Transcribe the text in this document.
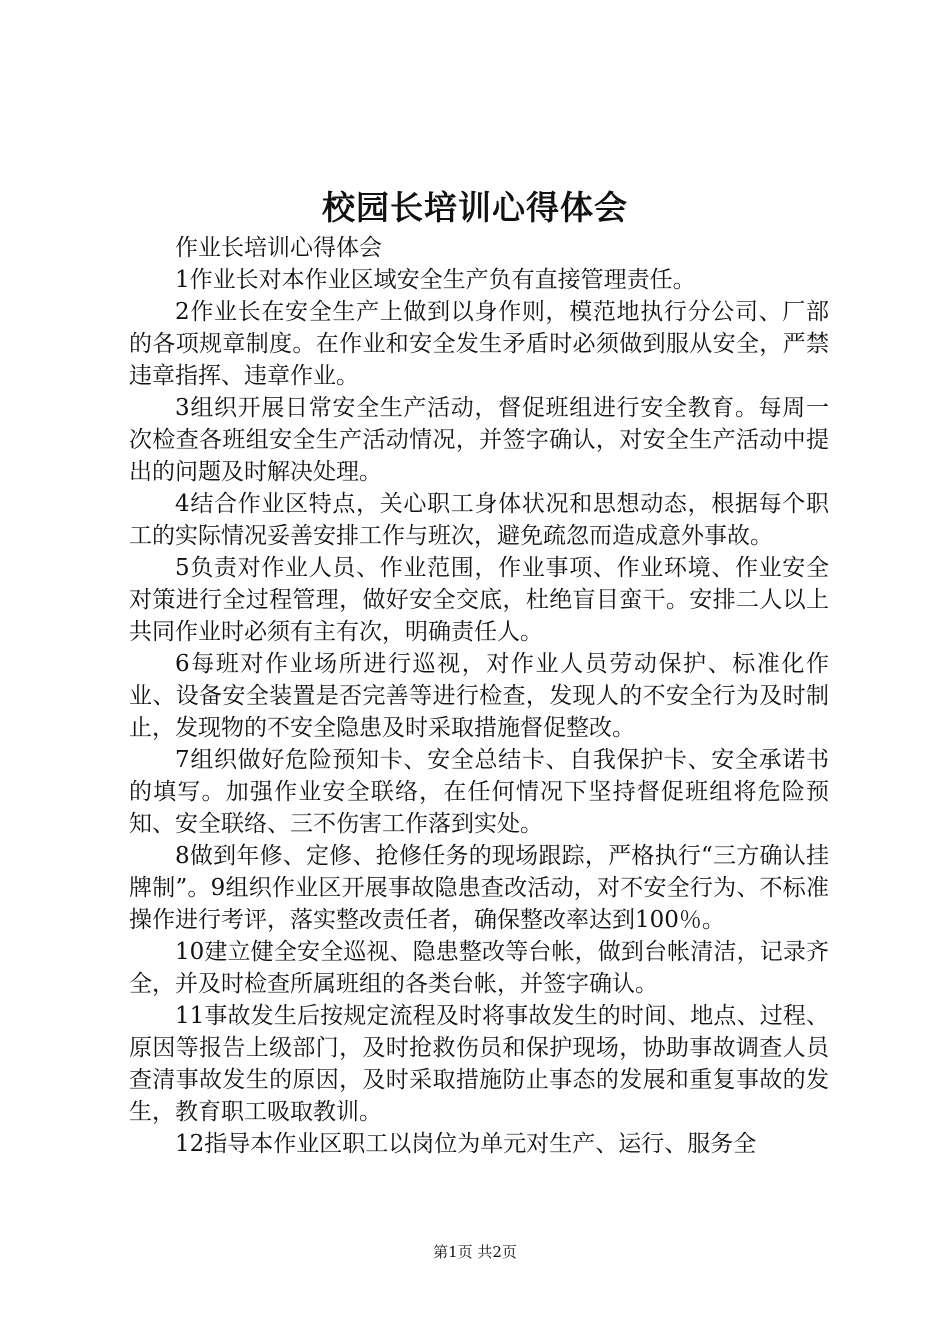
校园长培训心得体会

作业长培训心得体会

1作业长对本作业区域安全生产负有直接管理责任。

2作业长在安全生产上做到以身作则，模范地执行分公司、厂部的各项规章制度。在作业和安全发生矛盾时必须做到服从安全，严禁违章指挥、违章作业。

3组织开展日常安全生产活动，督促班组进行安全教育。每周一次检查各班组安全生产活动情况，并签字确认，对安全生产活动中提出的问题及时解决处理。

4结合作业区特点，关心职工身体状况和思想动态，根据每个职工的实际情况妥善安排工作与班次，避免疏忽而造成意外事故。

5负责对作业人员、作业范围，作业事项、作业环境、作业安全对策进行全过程管理，做好安全交底，杜绝盲目蛮干。安排二人以上共同作业时必须有主有次，明确责任人。

6每班对作业场所进行巡视，对作业人员劳动保护、标准化作业、设备安全装置是否完善等进行检查，发现人的不安全行为及时制止，发现物的不安全隐患及时采取措施督促整改。

7组织做好危险预知卡、安全总结卡、自我保护卡、安全承诺书的填写。加强作业安全联络，在任何情况下坚持督促班组将危险预知、安全联络、三不伤害工作落到实处。

8做到年修、定修、抢修任务的现场跟踪，严格执行“三方确认挂牌制”。9组织作业区开展事故隐患查改活动，对不安全行为、不标准操作进行考评，落实整改责任者，确保整改率达到100％。

10建立健全安全巡视、隐患整改等台帐，做到台帐清洁，记录齐全，并及时检查所属班组的各类台帐，并签字确认。

11事故发生后按规定流程及时将事故发生的时间、地点、过程、原因等报告上级部门，及时抢救伤员和保护现场，协助事故调查人员查清事故发生的原因，及时采取措施防止事态的发展和重复事故的发生，教育职工吸取教训。

12指导本作业区职工以岗位为单元对生产、运行、服务全

第1页 共2页
